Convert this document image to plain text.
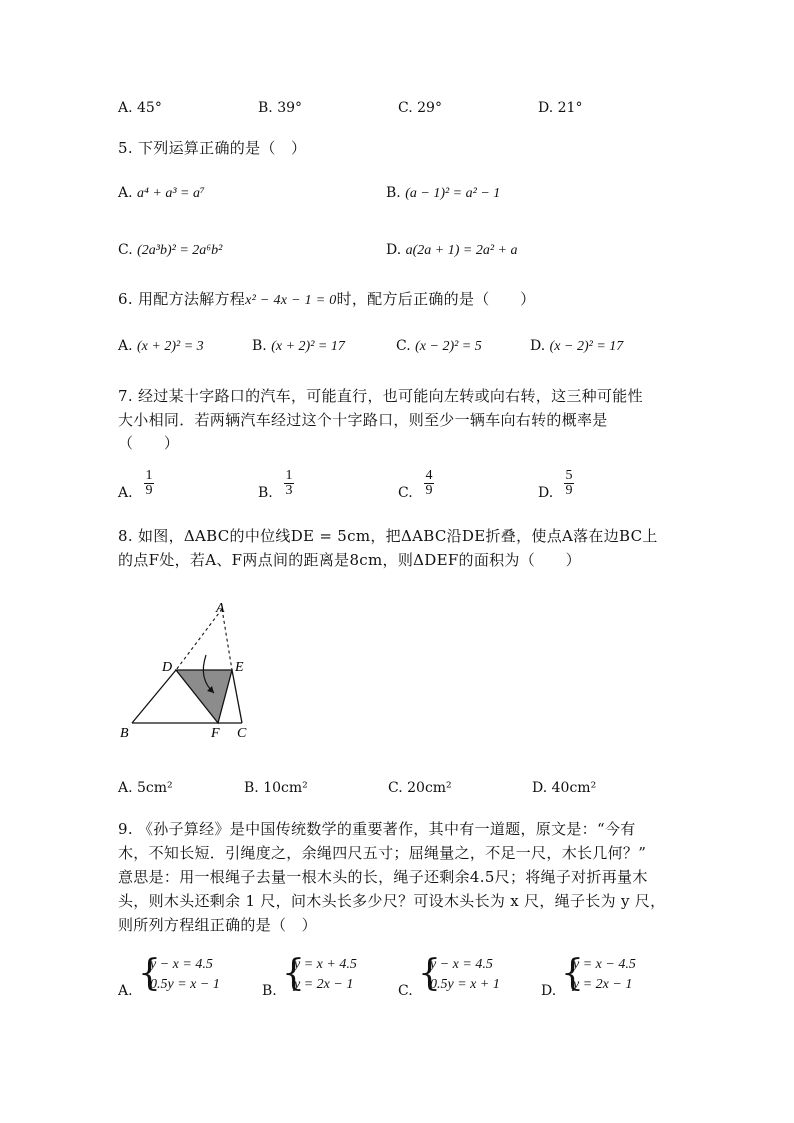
A. 45°	B. 39°	C. 29°	D. 21°
5. 下列运算正确的是（　）
A. a⁴ + a³ = a⁷	B. (a − 1)² = a² − 1
C. (2a³b)² = 2a⁶b²	D. a(2a + 1) = 2a² + a
6. 用配方法解方程x² − 4x − 1 = 0时，配方后正确的是（　　）
A. (x + 2)² = 3	B. (x + 2)² = 17	C. (x − 2)² = 5	D. (x − 2)² = 17
7. 经过某十字路口的汽车，可能直行，也可能向左转或向右转，这三种可能性
大小相同．若两辆汽车经过这个十字路口，则至少一辆车向右转的概率是
（　　）
A.
1
9	B.
1
3	C.
4
9	D.
5
9
8. 如图，ΔABC的中位线DE = 5cm，把ΔABC沿DE折叠，使点A落在边BC上
的点F处，若A、F两点间的距离是8cm，则ΔDEF的面积为（　　）
A
D	E
B	F C
A. 5cm²	B. 10cm²	C. 20cm²	D. 40cm²
9. 《孙子算经》是中国传统数学的重要著作，其中有一道题，原文是：“今有
木，不知长短．引绳度之，余绳四尺五寸；屈绳量之，不足一尺，木长几何？”
意思是：用一根绳子去量一根木头的长，绳子还剩余4.5尺；将绳子对折再量木
头，则木头还剩余 1 尺，问木头长多少尺？可设木头长为 x 尺，绳子长为 y 尺，
则所列方程组正确的是（　）
A. {
y − x = 4.5
0.5y = x − 1	B. {
y = x + 4.5
y = 2x − 1	C. {
y − x = 4.5
0.5y = x + 1	D. {
y = x − 4.5
y = 2x − 1
